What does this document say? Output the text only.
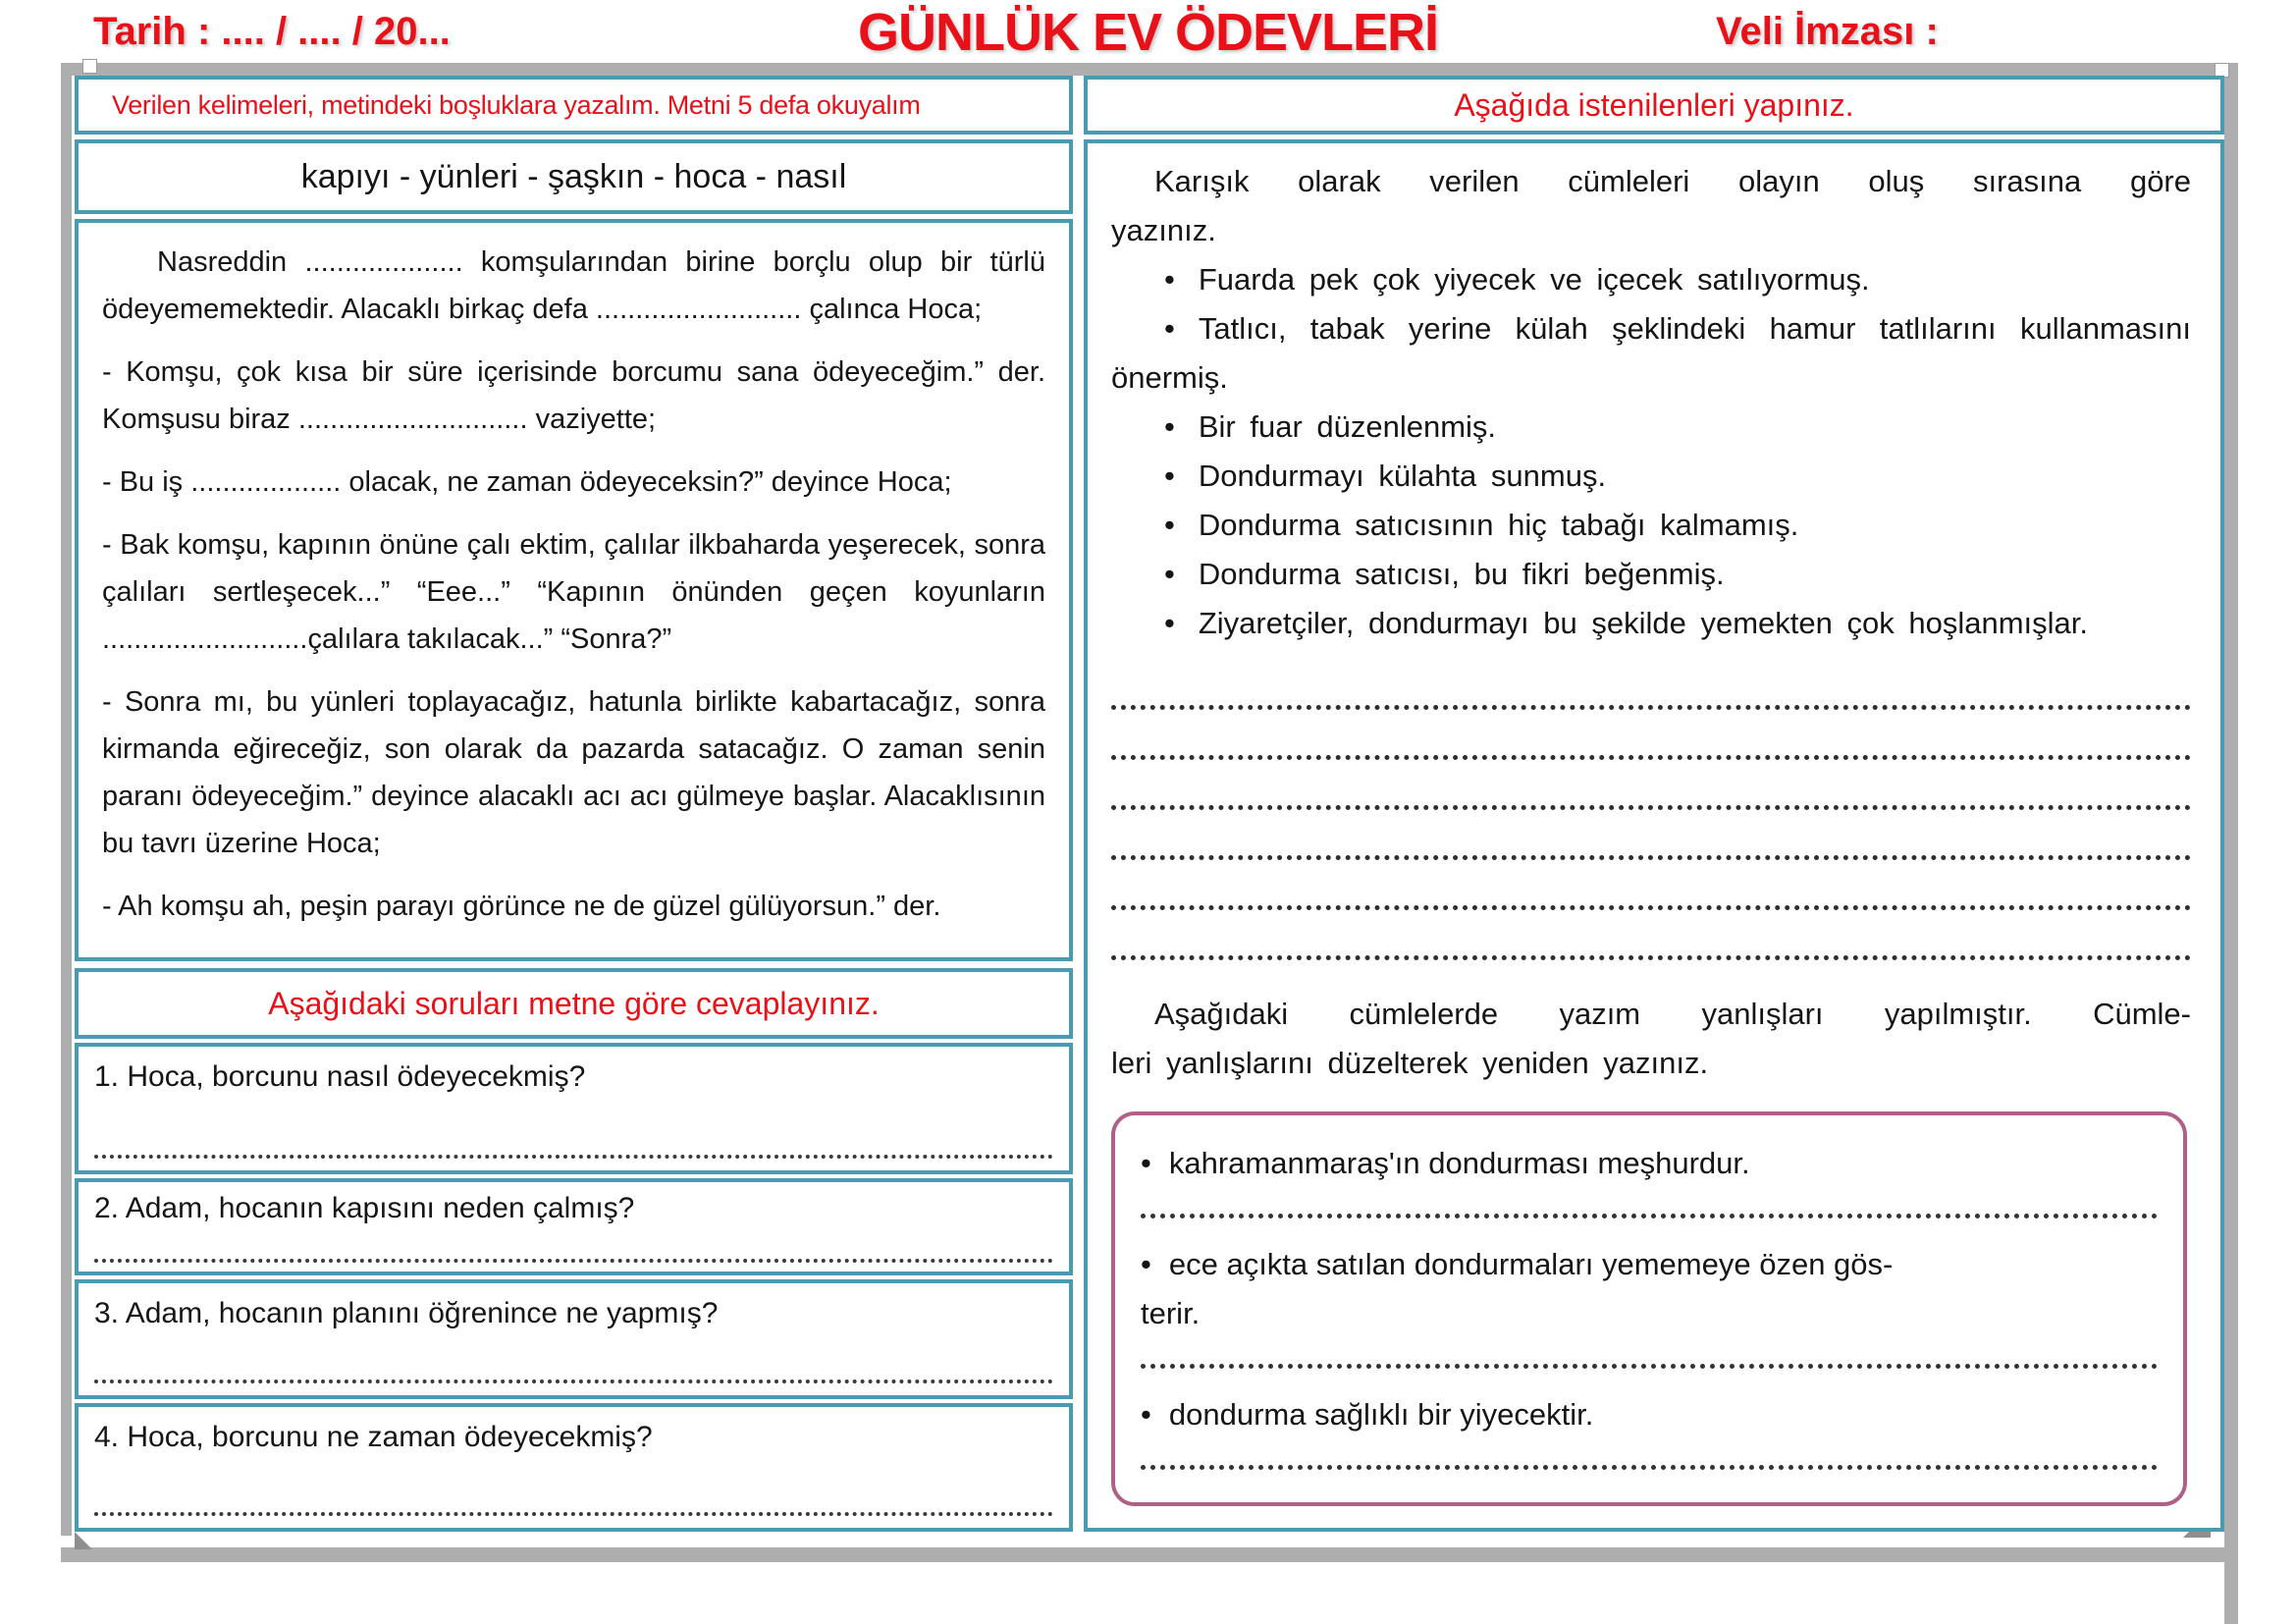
Tarih : .... / .... / 20...	GÜNLÜK EV ÖDEVLERİ	Veli İmzası :
Verilen kelimeleri, metindeki boşluklara yazalım. Metni 5 defa okuyalım
kapıyı - yünleri - şaşkın - hoca - nasıl

Nasreddin .................... komşularından birine borçlu olup bir türlü ödeyememektedir. Alacaklı birkaç defa .......................... çalınca Hoca;

- Komşu, çok kısa bir süre içerisinde borcumu sana ödeyeceğim.” der. Komşusu biraz ............................. vaziyette;

- Bu iş ................... olacak, ne zaman ödeyeceksin?” deyince Hoca;

- Bak komşu, kapının önüne çalı ektim, çalılar ilkbaharda yeşerecek, sonra çalıları sertleşecek...” “Eee...” “Kapının önünden geçen koyunların ..........................çalılara takılacak...” “Sonra?”

- Sonra mı, bu yünleri toplayacağız, hatunla birlikte kabartacağız, sonra kirmanda eğireceğiz, son olarak da pazarda satacağız. O zaman senin paranı ödeyeceğim.” deyince alacaklı acı acı gülmeye başlar. Alacaklısının bu tavrı üzerine Hoca;

- Ah komşu ah, peşin parayı görünce ne de güzel gülüyorsun.” der.

Aşağıdaki soruları metne göre cevaplayınız.
1. Hoca, borcunu nasıl ödeyecekmiş?
2. Adam, hocanın kapısını neden çalmış?
3. Adam, hocanın planını öğrenince ne yapmış?
4. Hoca, borcunu ne zaman ödeyecekmiş?
Aşağıda istenilenleri yapınız.
Karışık olarak verilen cümleleri olayın oluş sırasına göre
yazınız.
• Fuarda pek çok yiyecek ve içecek satılıyormuş.
• Tatlıcı, tabak yerine külah şeklindeki hamur tatlılarını kullanmasını önermiş.
• Bir fuar düzenlenmiş.
• Dondurmayı külahta sunmuş.
• Dondurma satıcısının hiç tabağı kalmamış.
• Dondurma satıcısı, bu fikri beğenmiş.
• Ziyaretçiler, dondurmayı bu şekilde yemekten çok hoşlanmışlar.
Aşağıdaki cümlelerde yazım yanlışları yapılmıştır. Cümle-
leri yanlışlarını düzelterek yeniden yazınız.
• kahramanmaraş'ın dondurması meşhurdur.
• ece açıkta satılan dondurmaları yememeye özen gös-
terir.
• dondurma sağlıklı bir yiyecektir.
